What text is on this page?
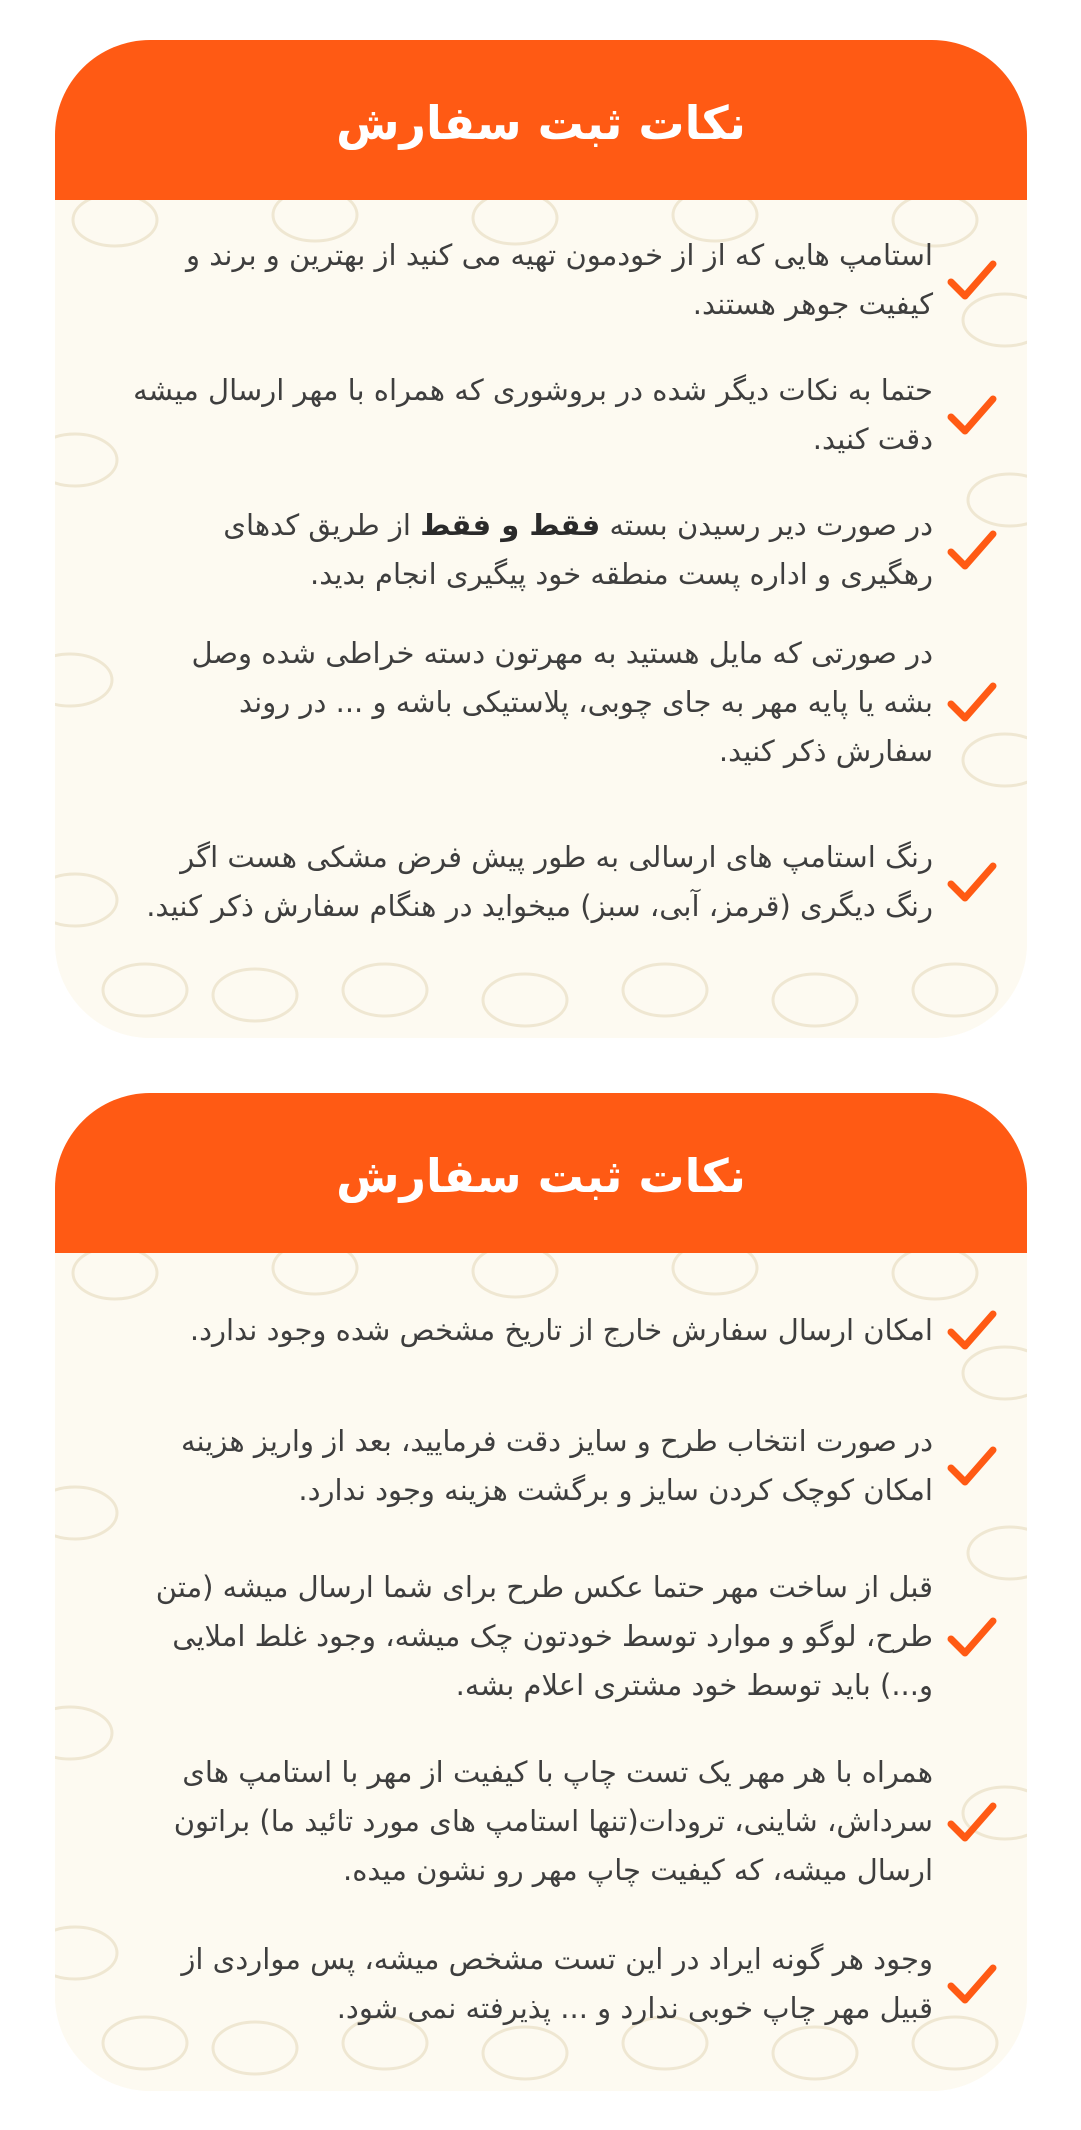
نکات ثبت سفارش
استامپ هایی که از از خودمون تهیه می کنید از بهترین و برند و کیفیت جوهر هستند.
حتما به نکات دیگر شده در بروشوری که همراه با مهر ارسال میشه دقت کنید.
در صورت دیر رسیدن بسته فقط و فقط از طریق کدهای رهگیری و اداره پست منطقه خود پیگیری انجام بدید.
در صورتی که مایل هستید به مهرتون دسته خراطی شده وصل بشه یا پایه مهر به جای چوبی، پلاستیکی باشه و ... در روند سفارش ذکر کنید.
رنگ استامپ های ارسالی به طور پیش فرض مشکی هست اگر رنگ دیگری (قرمز، آبی، سبز) میخواید در هنگام سفارش ذکر کنید.
نکات ثبت سفارش
امکان ارسال سفارش خارج از تاریخ مشخص شده وجود ندارد.
در صورت انتخاب طرح و سایز دقت فرمایید، بعد از واریز هزینه امکان کوچک کردن سایز و برگشت هزینه وجود ندارد.
قبل از ساخت مهر حتما عکس طرح برای شما ارسال میشه (متن طرح، لوگو و موارد توسط خودتون چک میشه، وجود غلط املایی و...) باید توسط خود مشتری اعلام بشه.
همراه با هر مهر یک تست چاپ با کیفیت از مهر با استامپ های سرداش، شاینی، ترودات(تنها استامپ های مورد تائید ما) براتون ارسال میشه، که کیفیت چاپ مهر رو نشون میده.
وجود هر گونه ایراد در این تست مشخص میشه، پس مواردی از قبیل مهر چاپ خوبی ندارد و ... پذیرفته نمی شود.
